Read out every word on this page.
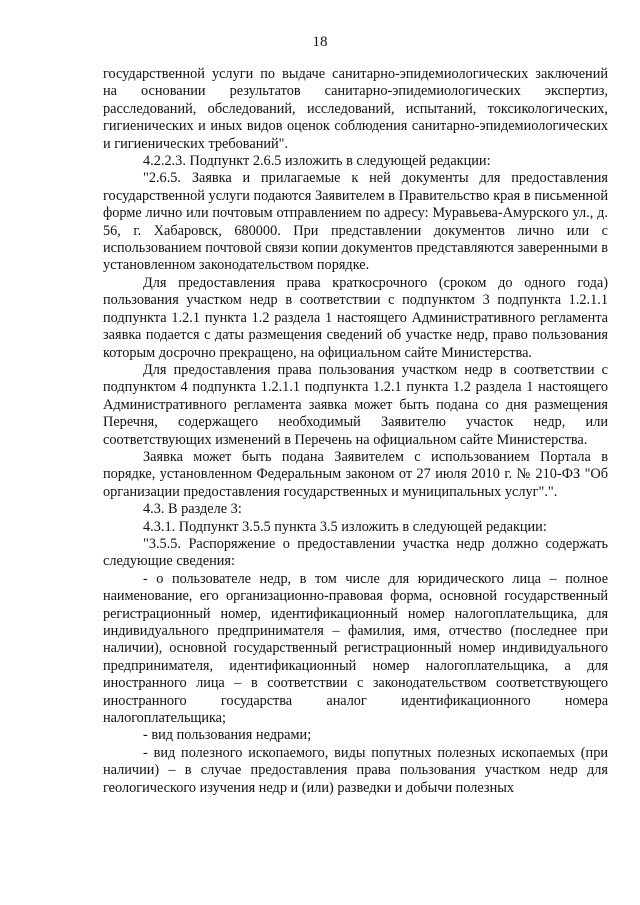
18

государственной услуги по выдаче санитарно-эпидемиологических заключений на основании результатов санитарно-эпидемиологических экспертиз, расследований, обследований, исследований, испытаний, токсикологических, гигиенических и иных видов оценок соблюдения санитарно-эпидемиологических и гигиенических требований".

4.2.2.3. Подпункт 2.6.5 изложить в следующей редакции:

"2.6.5. Заявка и прилагаемые к ней документы для предоставления государственной услуги подаются Заявителем в Правительство края в письменной форме лично или почтовым отправлением по адресу: Муравьева-Амурского ул., д. 56, г. Хабаровск, 680000. При представлении документов лично или с использованием почтовой связи копии документов представляются заверенными в установленном законодательством порядке.

Для предоставления права краткосрочного (сроком до одного года) пользования участком недр в соответствии с подпунктом 3 подпункта 1.2.1.1 подпункта 1.2.1 пункта 1.2 раздела 1 настоящего Административного регламента заявка подается с даты размещения сведений об участке недр, право пользования которым досрочно прекращено, на официальном сайте Министерства.

Для предоставления права пользования участком недр в соответствии с подпунктом 4 подпункта 1.2.1.1 подпункта 1.2.1 пункта 1.2 раздела 1 настоящего Административного регламента заявка может быть подана со дня размещения Перечня, содержащего необходимый Заявителю участок недр, или соответствующих изменений в Перечень на официальном сайте Министерства.

Заявка может быть подана Заявителем с использованием Портала в порядке, установленном Федеральным законом от 27 июля 2010 г. № 210-ФЗ "Об организации предоставления государственных и муниципальных услуг".".

4.3. В разделе 3:

4.3.1. Подпункт 3.5.5 пункта 3.5 изложить в следующей редакции:

"3.5.5. Распоряжение о предоставлении участка недр должно содержать следующие сведения:

- о пользователе недр, в том числе для юридического лица – полное наименование, его организационно-правовая форма, основной государственный регистрационный номер, идентификационный номер налогоплательщика, для индивидуального предпринимателя – фамилия, имя, отчество (последнее при наличии), основной государственный регистрационный номер индивидуального предпринимателя, идентификационный номер налогоплательщика, а для иностранного лица – в соответствии с законодательством соответствующего иностранного государства аналог идентификационного номера налогоплательщика;

- вид пользования недрами;

- вид полезного ископаемого, виды попутных полезных ископаемых (при наличии) – в случае предоставления права пользования участком недр для геологического изучения недр и (или) разведки и добычи полезных
